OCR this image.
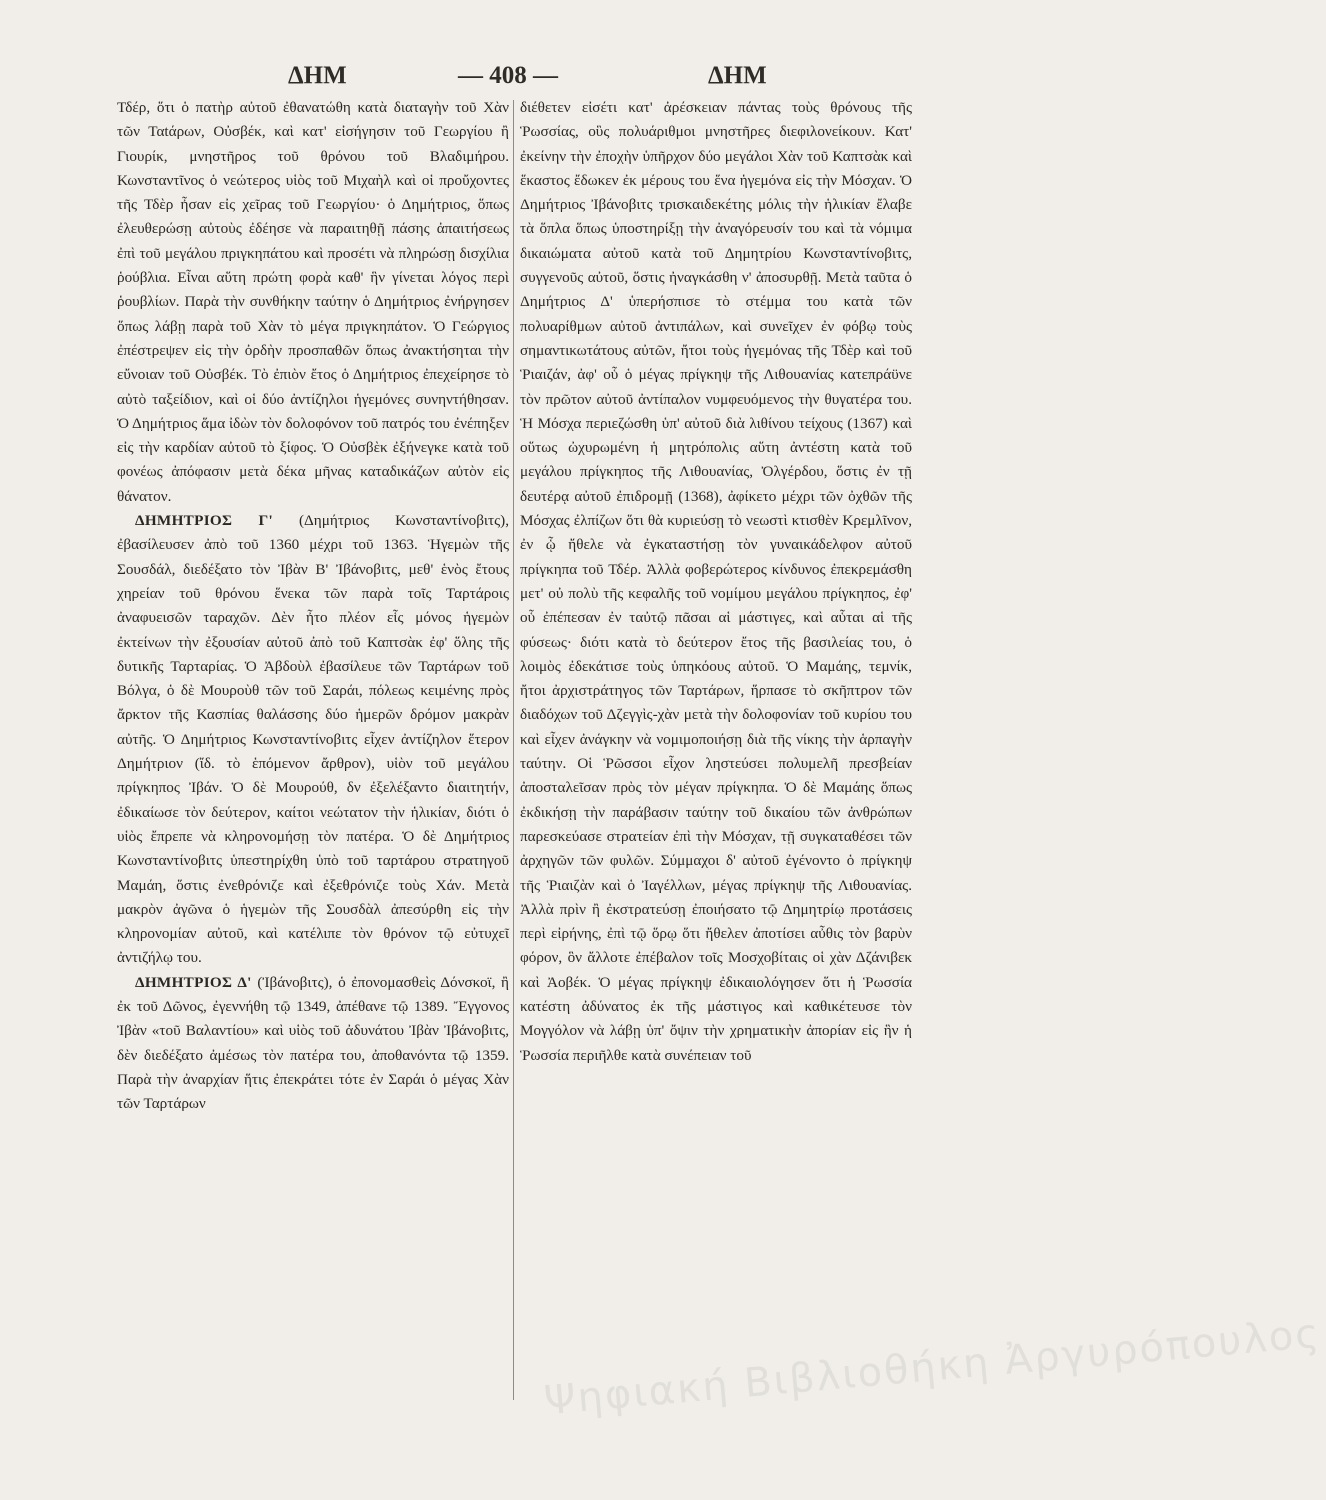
ΔΗΜ	— 408 —	ΔΗΜ

Τδέρ, ὅτι ὁ πατὴρ αὐτοῦ ἐθανατώθη κατὰ διαταγὴν τοῦ Χὰν τῶν Ταtάρων, Οὐσβέκ, καὶ κατ' εἰσήγησιν τοῦ Γεωργίου ἢ Γιουρίκ, μνηστῆρος τοῦ θρόνου τοῦ Βλαδιμήρου. Κωνσταντῖνος ὁ νεώτερος υἱὸς τοῦ Μιχαὴλ καὶ οἱ προὔχοντες τῆς Τδὲρ ἦσαν εἰς χεῖρας τοῦ Γεωργίου· ὁ Δημήτριος, ὅπως ἐλευθερώσῃ αὐτοὺς ἐδέησε νὰ παραιτηθῇ πάσης ἀπαιτήσεως ἐπὶ τοῦ μεγάλου πριγκηπάτου καὶ προσέτι νὰ πληρώσῃ δισχίλια ῥούβλια. Εἶναι αὕτη πρώτη φορὰ καθ' ἣν γίνεται λόγος περὶ ῥουβλίων. Παρὰ τὴν συνθήκην ταύτην ὁ Δημήτριος ἐνήργησεν ὅπως λάβῃ παρὰ τοῦ Χὰν τὸ μέγα πριγκηπάτον. Ὁ Γεώργιος ἐπέστρεψεν εἰς τὴν ὀρδὴν προσπαθῶν ὅπως ἀνακτήσηται τὴν εὔνοιαν τοῦ Οὐσβέκ. Τὸ ἐπιὸν ἔτος ὁ Δημήτριος ἐπεχείρησε τὸ αὐτὸ ταξείδιον, καὶ οἱ δύο ἀντίζηλοι ἡγεμόνες συνηντήθησαν. Ὁ Δημήτριος ἅμα ἰδὼν τὸν δολοφόνον τοῦ πατρός του ἐνέπηξεν εἰς τὴν καρδίαν αὐτοῦ τὸ ξίφος. Ὁ Οὐσβὲκ ἐξήνεγκε κατὰ τοῦ φονέως ἀπόφασιν μετὰ δέκα μῆνας καταδικάζων αὐτὸν εἰς θάνατον.

ΔΗΜΗΤΡΙΟΣ Γ' (Δημήτριος Κωνσταντίνοβιτς), ἐβασίλευσεν ἀπὸ τοῦ 1360 μέχρι τοῦ 1363. Ἡγεμὼν τῆς Σουσδάλ, διεδέξατο τὸν Ἰβὰν Β' Ἰβάνοβιτς, μεθ' ἑνὸς ἔτους χηρείαν τοῦ θρόνου ἕνεκα τῶν παρὰ τοῖς Ταρτάροις ἀναφυεισῶν ταραχῶν. Δὲν ἦτο πλέον εἷς μόνος ἡγεμὼν ἐκτείνων τὴν ἐξουσίαν αὐτοῦ ἀπὸ τοῦ Καπτσὰκ ἐφ' ὅλης τῆς δυτικῆς Ταρταρίας. Ὁ Ἀβδοὺλ ἐβασίλευε τῶν Ταρτάρων τοῦ Βόλγα, ὁ δὲ Μουροὺθ τῶν τοῦ Σαράι, πόλεως κειμένης πρὸς ἄρκτον τῆς Κασπίας θαλάσσης δύο ἡμερῶν δρόμον μακρὰν αὐτῆς. Ὁ Δημήτριος Κωνσταντίνοβιτς εἶχεν ἀντίζηλον ἕτερον Δημήτριον (ἴδ. τὸ ἑπόμενον ἄρθρον), υἱὸν τοῦ μεγάλου πρίγκηπος Ἰβάν. Ὁ δὲ Μουρούθ, δν ἐξελέξαντο διαιτητήν, ἐδικαίωσε τὸν δεύτερον, καίτοι νεώτατον τὴν ἡλικίαν, διότι ὁ υἱὸς ἔπρεπε νὰ κληρονομήσῃ τὸν πατέρα. Ὁ δὲ Δημήτριος Κωνσταντίνοβιτς ὑπεστηρίχθη ὑπὸ τοῦ ταρτάρου στρατηγοῦ Μαμάη, ὅστις ἐνεθρόνιζε καὶ ἐξεθρόνιζε τοὺς Χάν. Μετὰ μακρὸν ἀγῶνα ὁ ἡγεμὼν τῆς Σουσδὰλ ἀπεσύρθη εἰς τὴν κληρονομίαν αὐτοῦ, καὶ κατέλιπε τὸν θρόνον τῷ εὐτυχεῖ ἀντιζήλῳ του.

ΔΗΜΗΤΡΙΟΣ Δ' (Ἰβάνοβιτς), ὁ ἐπονομασθεὶς Δόνσκοϊ, ἢ ἐκ τοῦ Δῶνος, ἐγεννήθη τῷ 1349, ἀπέθανε τῷ 1389. Ἔγγονος Ἰβὰν «τοῦ Βαλαντίου» καὶ υἱὸς τοῦ ἀδυνάτου Ἰβὰν Ἰβάνοβιτς, δὲν διεδέξατο ἀμέσως τὸν πατέρα του, ἀποθανόντα τῷ 1359. Παρὰ τὴν ἀναρχίαν ἥτις ἐπεκράτει τότε ἐν Σαράι ὁ μέγας Χὰν τῶν Ταρτάρων

διέθετεν εἰσέτι κατ' ἀρέσκειαν πάντας τοὺς θρόνους τῆς Ῥωσσίας, οὓς πολυάριθμοι μνηστῆρες διεφιλονείκουν. Κατ' ἐκείνην τὴν ἐποχὴν ὑπῆρχον δύο μεγάλοι Χὰν τοῦ Καπτσὰκ καὶ ἕκαστος ἔδωκεν ἐκ μέρους του ἕνα ἡγεμόνα εἰς τὴν Μόσχαν. Ὁ Δημήτριος Ἰβάνοβιτς τρισκαιδεκέτης μόλις τὴν ἡλικίαν ἔλαβε τὰ ὅπλα ὅπως ὑποστηρίξῃ τὴν ἀναγόρευσίν του καὶ τὰ νόμιμα δικαιώματα αὐτοῦ κατὰ τοῦ Δημητρίου Κωνσταντίνοβιτς, συγγενοῦς αὐτοῦ, ὅστις ἠναγκάσθη ν' ἀποσυρθῇ. Μετὰ ταῦτα ὁ Δημήτριος Δ' ὑπερήσπισε τὸ στέμμα του κατὰ τῶν πολυαρίθμων αὐτοῦ ἀντιπάλων, καὶ συνεῖχεν ἐν φόβῳ τοὺς σημαντικωτάτους αὐτῶν, ἤτοι τοὺς ἡγεμόνας τῆς Τδὲρ καὶ τοῦ Ῥιαιζάν, ἀφ' οὗ ὁ μέγας πρίγκηψ τῆς Λιθουανίας κατεπράϋνε τὸν πρῶτον αὐτοῦ ἀντίπαλον νυμφευόμενος τὴν θυγατέρα του. Ἡ Μόσχα περιεζώσθη ὑπ' αὐτοῦ διὰ λιθίνου τείχους (1367) καὶ οὕτως ὠχυρωμένη ἡ μητρόπολις αὕτη ἀντέστη κατὰ τοῦ μεγάλου πρίγκηπος τῆς Λιθουανίας, Ὀλγέρδου, ὅστις ἐν τῇ δευτέρᾳ αὐτοῦ ἐπιδρομῇ (1368), ἀφίκετο μέχρι τῶν ὀχθῶν τῆς Μόσχας ἐλπίζων ὅτι θὰ κυριεύσῃ τὸ νεωστὶ κτισθὲν Κρεμλῖνον, ἐν ᾧ ἤθελε νὰ ἐγκαταστήσῃ τὸν γυναικάδελφον αὐτοῦ πρίγκηπα τοῦ Τδέρ. Ἀλλὰ φοβερώτερος κίνδυνος ἐπεκρεμάσθη μετ' οὐ πολὺ τῆς κεφαλῆς τοῦ νομίμου μεγάλου πρίγκηπος, ἐφ' οὗ ἐπέπεσαν ἐν ταὐτῷ πᾶσαι αἱ μάστιγες, καὶ αὗται αἱ τῆς φύσεως· διότι κατὰ τὸ δεύτερον ἔτος τῆς βασιλείας του, ὁ λοιμὸς ἐδεκάτισε τοὺς ὑπηκόους αὐτοῦ. Ὁ Μαμάης, τεμνίκ, ἤτοι ἀρχιστράτηγος τῶν Ταρτάρων, ἥρπασε τὸ σκῆπτρον τῶν διαδόχων τοῦ Δζεγγὶς-χὰν μετὰ τὴν δολοφονίαν τοῦ κυρίου του καὶ εἶχεν ἀνάγκην νὰ νομιμοποιήσῃ διὰ τῆς νίκης τὴν ἁρπαγὴν ταύτην. Οἱ Ῥῶσσοι εἶχον ληστεύσει πολυμελῆ πρεσβείαν ἀποσταλεῖσαν πρὸς τὸν μέγαν πρίγκηπα. Ὁ δὲ Μαμάης ὅπως ἐκδικήσῃ τὴν παράβασιν ταύτην τοῦ δικαίου τῶν ἀνθρώπων παρεσκεύασε στρατείαν ἐπὶ τὴν Μόσχαν, τῇ συγκαταθέσει τῶν ἀρχηγῶν τῶν φυλῶν. Σύμμαχοι δ' αὐτοῦ ἐγένοντο ὁ πρίγκηψ τῆς Ῥιαιζὰν καὶ ὁ Ἰαγέλλων, μέγας πρίγκηψ τῆς Λιθουανίας. Ἀλλὰ πρὶν ἢ ἐκστρατεύσῃ ἐποιήσατο τῷ Δημητρίῳ προτάσεις περὶ εἰρήνης, ἐπὶ τῷ ὅρῳ ὅτι ἤθελεν ἀποτίσει αὖθις τὸν βαρὺν φόρον, ὃν ἄλλοτε ἐπέβαλον τοῖς Μοσχοβίταις οἱ χὰν Δζάνιβεκ καὶ Ἀοβέκ. Ὁ μέγας πρίγκηψ ἐδικαιολόγησεν ὅτι ἡ Ῥωσσία κατέστη ἀδύνατος ἐκ τῆς μάστιγος καὶ καθικέτευσε τὸν Μογγόλον νὰ λάβῃ ὑπ' ὄψιν τὴν χρηματικὴν ἀπορίαν εἰς ἣν ἡ Ῥωσσία περιῆλθε κατὰ συνέπειαν τοῦ

Ψηφιακή Βιβλιοθήκη Ἀργυρόπουλος
